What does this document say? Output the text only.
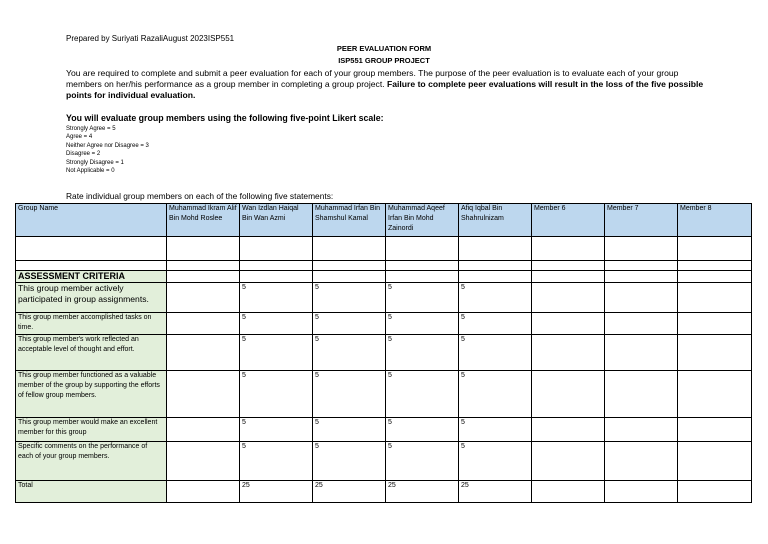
Prepared by Suriyati RazaliAugust 2023ISP551
PEER EVALUATION FORM
ISP551 GROUP PROJECT
You are required to complete and submit a peer evaluation for each of your group members. The purpose of the peer evaluation is to evaluate each of your group members on her/his performance as a group member in completing a group project. Failure to complete peer evaluations will result in the loss of the five possible points for individual evaluation.
You will evaluate group members using the following five-point Likert scale:
Strongly Agree = 5
Agree = 4
Neither Agree nor Disagree = 3
Disagree = 2
Strongly Disagree = 1
Not Applicable = 0
Rate individual group members on each of the following five statements:
Group Name	Muhammad Ikram Alif Bin Mohd Roslee	Wan Izdlan Haiqal Bin Wan Azmi	Muhammad Irfan Bin Shamshul Kamal	Muhammad Aqeef Irfan Bin Mohd Zainordi	Afiq Iqbal Bin Shahrulnizam	Member 6	Member 7	Member 8

ASSESSMENT CRITERIA								
This group member actively participated in group assignments.		5	5	5	5			
This group member accomplished tasks on time.		5	5	5	5			
This group member's work reflected an acceptable level of thought and effort.		5	5	5	5			
This group member functioned as a valuable member of the group by supporting the efforts of fellow group members.		5	5	5	5			
This group member would make an excellent member for this group		5	5	5	5			
Specific comments on the performance of each of your group members.		5	5	5	5			
Total		25	25	25	25			
